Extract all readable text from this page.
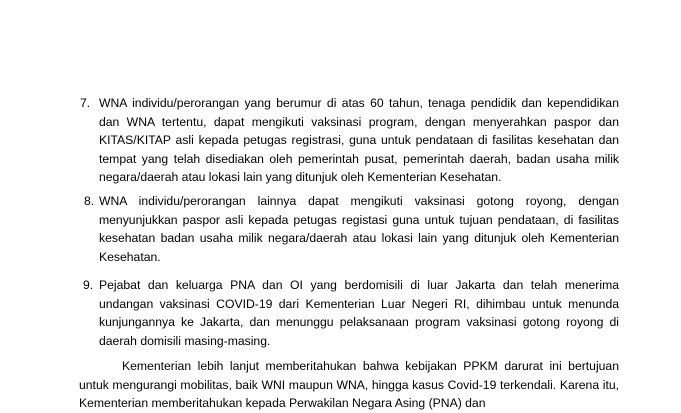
7. WNA individu/perorangan yang berumur di atas 60 tahun, tenaga pendidik dan kependidikan dan WNA tertentu, dapat mengikuti vaksinasi program, dengan menyerahkan paspor dan KITAS/KITAP asli kepada petugas registrasi, guna untuk pendataan di fasilitas kesehatan dan tempat yang telah disediakan oleh pemerintah pusat, pemerintah daerah, badan usaha milik negara/daerah atau lokasi lain yang ditunjuk oleh Kementerian Kesehatan.

8. WNA individu/perorangan lainnya dapat mengikuti vaksinasi gotong royong, dengan menyunjukkan paspor asli kepada petugas registasi guna untuk tujuan pendataan, di fasilitas kesehatan badan usaha milik negara/daerah atau lokasi lain yang ditunjuk oleh Kementerian Kesehatan.

9. Pejabat dan keluarga PNA dan OI yang berdomisili di luar Jakarta dan telah menerima undangan vaksinasi COVID-19 dari Kementerian Luar Negeri RI, dihimbau untuk menunda kunjungannya ke Jakarta, dan menunggu pelaksanaan program vaksinasi gotong royong di daerah domisili masing-masing.

Kementerian lebih lanjut memberitahukan bahwa kebijakan PPKM darurat ini bertujuan untuk mengurangi mobilitas, baik WNI maupun WNA, hingga kasus Covid-19 terkendali. Karena itu, Kementerian memberitahukan kepada Perwakilan Negara Asing (PNA) dan
